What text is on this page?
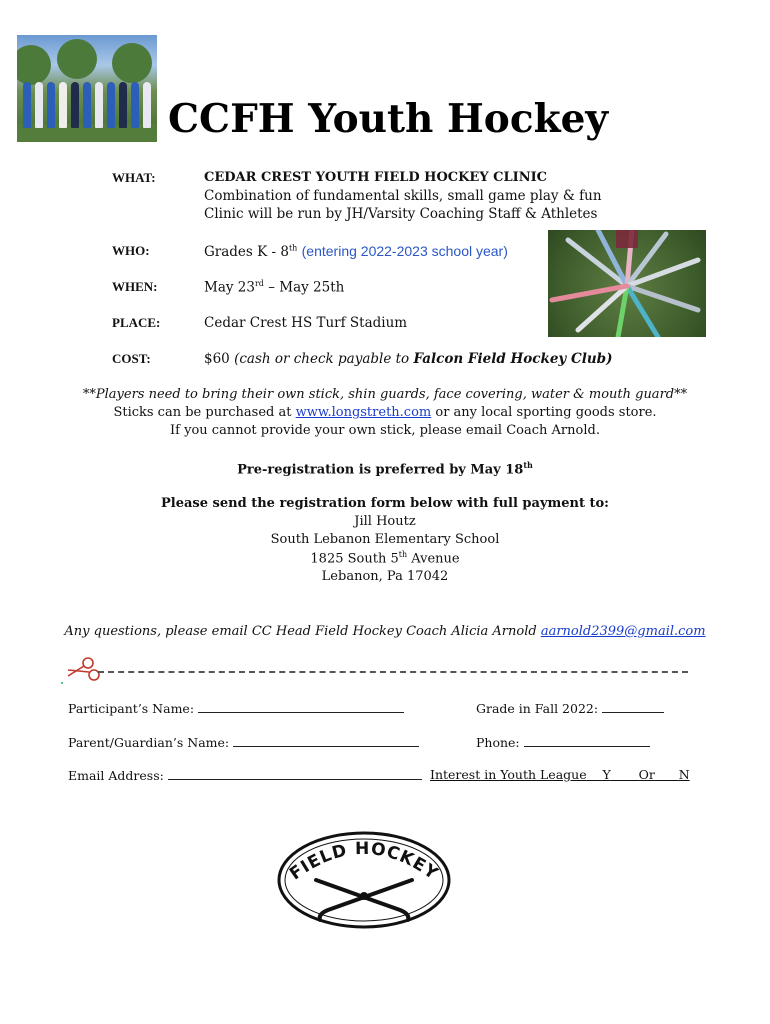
CCFH Youth Hockey
WHAT:	CEDAR CREST YOUTH FIELD HOCKEY CLINIC
Combination of fundamental skills, small game play & fun
Clinic will be run by JH/Varsity Coaching Staff & Athletes
WHO:	Grades K - 8th (entering 2022-2023 school year)
WHEN:	May 23rd – May 25th
PLACE:	Cedar Crest HS Turf Stadium
COST:	$60 (cash or check payable to Falcon Field Hockey Club)
**Players need to bring their own stick, shin guards, face covering, water & mouth guard**
Sticks can be purchased at www.longstreth.com or any local sporting goods store.
If you cannot provide your own stick, please email Coach Arnold.
Pre-registration is preferred by May 18th
Please send the registration form below with full payment to:
Jill Houtz
South Lebanon Elementary School
1825 South 5th Avenue
Lebanon, Pa 17042
Any questions, please email CC Head Field Hockey Coach Alicia Arnold aarnold2399@gmail.com
Participant’s Name:	Grade in Fall 2022:
Parent/Guardian’s Name:	Phone:
Email Address:	Interest in Youth League Y Or N
FIELD HOCKEY
